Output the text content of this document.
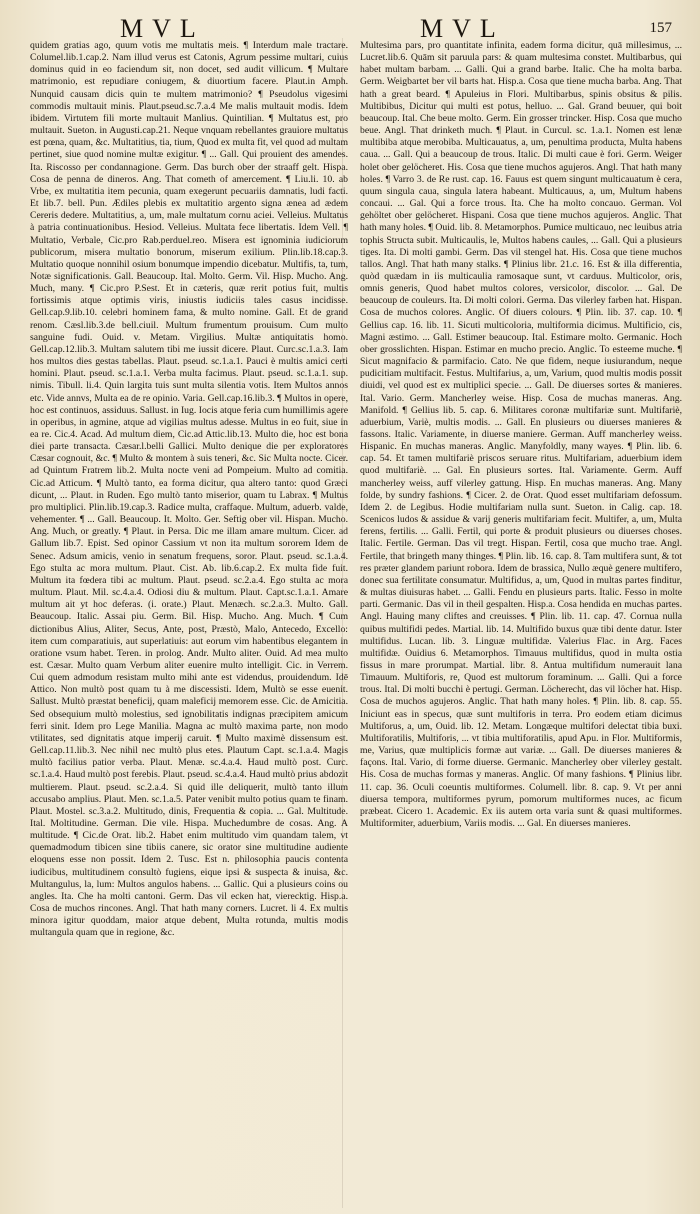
MVL	MVL	157

quidem gratias ago, quum votis me multatis meis. ¶ Interdum male tractare. Columel.lib.1.cap.2. Nam illud verus est Catonis, Agrum pessime multari, cuius dominus quid in eo faciendum sit, non docet, sed audit villicum. ¶ Multare matrimonio, est repudiare coniugem, & diuortium facere. Plaut.in Amph. Nunquid causam dicis quin te multem matrimonio? ¶ Pseudolus vigesimi commodis multauit minis. Plaut.pseud.sc.7.a.4 Me malis multauit modis. Idem ibidem. Virtutem fili morte multauit Manlius. Quintilian. ¶ Multatus est, pro multauit. Sueton. in Augusti.cap.21. Neque vnquam rebellantes grauiore multatus est pœna, quam, &c. Multatitius, tia, tium, Quod ex multa fit, vel quod ad multam pertinet, siue quod nomine multæ exigitur. ¶ ... Gall. Qui prouient des amendes. Ita. Riscosso per condannagione. Germ. Das burch ober der straaff gelt. Hispa. Cosa de penna de dineros. Ang. That cometh of amercement. ¶ Liu.li. 10. ab Vrbe, ex multatitia item pecunia, quam exegerunt pecuariis damnatis, ludi facti. Et lib.7. bell. Pun. Ædiles plebis ex multatitio argento signa ænea ad ædem Cereris dedere. Multatitius, a, um, male multatum cornu aciei. Velleius. Multatus à patria continuationibus. Hesiod. Velleius. Multata fece libertatis. Idem Vell. ¶ Multatio, Verbale, Cic.pro Rab.perduel.reo. Misera est ignominia iudiciorum publicorum, misera multatio bonorum, miserum exilium. Plin.lib.18.cap.3. Multatio quoque nonnihil osium bonumque impendio dicebatur. Multifis, ta, tum, Notæ significationis. Gall. Beaucoup. Ital. Molto. Germ. Vil. Hisp. Mucho. Ang. Much, many. ¶ Cic.pro P.Sest. Et in cæteris, quæ rerit potius fuit, multis fortissimis atque optimis viris, iniustis iudiciis tales casus incidisse. Gell.cap.9.lib.10. celebri hominem fama, & multo nomine. Gall. Et de grand renom. Cæsl.lib.3.de bell.ciuil. Multum frumentum prouisum. Cum multo sanguine fudi. Ouid. v. Metam. Virgilius. Multæ antiquitatis homo. Gell.cap.12.lib.3. Multam salutem tibi me iussit dicere. Plaut. Curc.sc.1.a.3. Iam hos multos dies gestas tabellas. Plaut. pseud. sc.1.a.1. Pauci è multis amici certi homini. Plaut. pseud. sc.1.a.1. Verba multa facimus. Plaut. pseud. sc.1.a.1. sup. nimis. Tibull. li.4. Quin largita tuis sunt multa silentia votis. Item Multos annos etc. Vide annvs, Multa ea de re opinio. Varia. Gell.cap.16.lib.3. ¶ Multos in opere, hoc est continuos, assiduus. Sallust. in Iug. Iocis atque feria cum humillimis agere in operibus, in agmine, atque ad vigilias multus adesse. Multus in eo fuit, siue in ea re. Cic.4. Acad. Ad multum diem, Cic.ad Attic.lib.13. Multo die, hoc est bona diei parte transacta. Cæsar.l.belli Gallici. Multo denique die per exploratores Cæsar cognouit, &c. ¶ Multo & montem à suis teneri, &c. Sic Multa nocte. Cicer. ad Quintum Fratrem lib.2. Multa nocte veni ad Pompeium. Multo ad comitia. Cic.ad Atticum. ¶ Multò tanto, ea forma dicitur, qua altero tanto: quod Græci dicunt, ... Plaut. in Ruden. Ego multò tanto miserior, quam tu Labrax. ¶ Multus pro multiplici. Plin.lib.19.cap.3. Radice multa, craffaque. Multum, aduerb. valde, vehementer. ¶ ... Gall. Beaucoup. It. Molto. Ger. Seftig ober vil. Hispan. Mucho. Ang. Much, or greatly. ¶ Plaut. in Persa. Dic me illam amare multum. Cicer. ad Gallum lib.7. Epist. Sed opinor Cassium vt non ita multum sororem Idem de Senec. Adsum amicis, venio in senatum frequens, soror. Plaut. pseud. sc.1.a.4. Ego stulta ac mora multum. Plaut. Cist. Ab. lib.6.cap.2. Ex multa fide fuit. Multum ita fœdera tibi ac multum. Plaut. pseud. sc.2.a.4. Ego stulta ac mora multum. Plaut. Mil. sc.4.a.4. Odiosi diu & multum. Plaut. Capt.sc.1.a.1. Amare multum ait yt hoc deferas. (i. orate.) Plaut. Menæch. sc.2.a.3. Multo. Gall. Beaucoup. Italic. Assai piu. Germ. Bil. Hisp. Mucho. Ang. Much. ¶ Cum dictionibus Alius, Aliter, Secus, Ante, post, Præstò, Malo, Antecedo, Excello: item cum comparatiuis, aut superlatiuis: aut eorum vim habentibus elegantem in oratione vsum habet. Teren. in prolog. Andr. Multo aliter. Ouid. Ad mea multo est. Cæsar. Multo quam Verbum aliter euenire multo intelligit. Cic. in Verrem. Cui quem admodum resistam multo mihi ante est videndus, prouidendum. Idē Attico. Non multò post quam tu à me discessisti. Idem, Multò se esse euenit. Sallust. Multò præstat beneficij, quam maleficij memorem esse. Cic. de Amicitia. Sed obsequium multò molestius, sed ignobilitatis indignas præcipitem amicum ferri sinit. Idem pro Lege Manilia. Magna ac multò maxima parte, non modo vtilitates, sed dignitatis atque imperij caruit. ¶ Multo maximè dissensum est. Gell.cap.11.lib.3. Nec nihil nec multò plus etes. Plautum Capt. sc.1.a.4. Magis multò facilius patior verba. Plaut. Menæ. sc.4.a.4. Haud multò post. Curc. sc.1.a.4. Haud multò post ferebis. Plaut. pseud. sc.4.a.4. Haud multò prius abdozit multierem. Plaut. pseud. sc.2.a.4. Si quid ille deliquerit, multò tanto illum accusabo amplius. Plaut. Men. sc.1.a.5. Pater venibit multo potius quam te finam. Plaut. Mostel. sc.3.a.2. Multitudo, dinis, Frequentia & copia. ... Gal. Multitude. Ital. Moltitudine. German. Die vile. Hispa. Muchedumbre de cosas. Ang. A multitude. ¶ Cic.de Orat. lib.2. Habet enim multitudo vim quandam talem, vt quemadmodum tibicen sine tibiis canere, sic orator sine multitudine audiente eloquens esse non possit. Idem 2. Tusc. Est n. philosophia paucis contenta iudicibus, multitudinem consultò fugiens, eique ipsi & suspecta & inuisa, &c. Multangulus, la, lum: Multos angulos habens. ... Gallic. Qui a plusieurs coins ou angles. Ita. Che ha molti cantoni. Germ. Das vil ecken hat, vierecktig. Hisp.a. Cosa de muchos rincones. Angl. That hath many corners. Lucret. li 4. Ex multis minora igitur quoddam, maior atque debent, Multa rotunda, multis modis multangula quam que in regione, &c.

Multesima pars, pro quantitate infinita, eadem forma dicitur, quā millesimus, ... Lucret.lib.6. Quām sit paruula pars: & quam multesima constet. Multibarbus, qui habet multam barbam. ... Galli. Qui a grand barbe. Italic. Che ha molta barba. Germ. Weigbartet ber vil barts hat. Hisp.a. Cosa que tiene mucha barba. Ang. That hath a great beard. ¶ Apuleius in Flori. Multibarbus, spinis obsitus & pilis. Multibibus, Dicitur qui multi est potus, helluo. ... Gal. Grand beuuer, qui boit beaucoup. Ital. Che beue molto. Germ. Ein grosser trincker. Hisp. Cosa que mucho beue. Angl. That drinketh much. ¶ Plaut. in Curcul. sc. 1.a.1. Nomen est lenæ multibiba atque merobiba. Multicauatus, a, um, penultima producta, Multa habens caua. ... Gall. Qui a beaucoup de trous. Italic. Di multi caue è fori. Germ. Weiger holet ober gelöcheret. His. Cosa que tiene muchos agujeros. Angl. That hath many holes. ¶ Varro 3. de Re rust. cap. 16. Fauus est quem singunt multicauatum è cera, quum singula caua, singula latera habeant. Multicauus, a, um, Multum habens concaui. ... Gal. Qui a force trous. Ita. Che ha molto concauo. German. Vol gehöltet ober gelöcheret. Hispani. Cosa que tiene muchos agujeros. Anglic. That hath many holes. ¶ Ouid. lib. 8. Metamorphos. Pumice multicauo, nec leuibus atria tophis Structa subit. Multicaulis, le, Multos habens caules, ... Gall. Qui a plusieurs tiges. Ita. Di molti gambi. Germ. Das vil stengel hat. His. Cosa que tiene muchos tallos. Angl. That hath many stalks. ¶ Plinius libr. 21.c. 16. Est & illa differentia, quòd quædam in iis multicaulia ramosaque sunt, vt carduus. Multicolor, oris, omnis generis, Quod habet multos colores, versicolor, discolor. ... Gal. De beaucoup de couleurs. Ita. Di molti colori. Germa. Das vilerley farben hat. Hispan. Cosa de muchos colores. Anglic. Of diuers colours. ¶ Plin. lib. 37. cap. 10. ¶ Gellius cap. 16. lib. 11. Sicuti multicoloria, multiformia dicimus. Multificio, cis, Magni æstimo. ... Gall. Estimer beaucoup. Ital. Estimare molto. Germanic. Hoch ober grosslichten. Hispan. Estimar en mucho precio. Anglic. To esteeme muche. ¶ Sicut magnifacio & parmifacio. Cato. Ne que fidem, neque iusiurandum, neque pudicitiam multifacit. Festus. Multifarius, a, um, Varium, quod multis modis possit diuidi, vel quod est ex multiplici specie. ... Gall. De diuerses sortes & manieres. Ital. Vario. Germ. Mancherley weise. Hisp. Cosa de muchas maneras. Ang. Manifold. ¶ Gellius lib. 5. cap. 6. Militares coronæ multifariæ sunt. Multifariè, aduerbium, Variè, multis modis. ... Gall. En plusieurs ou diuerses manieres & fassons. Italic. Variamente, in diuerse maniere. German. Auff mancherley weiss. Hispanic. En muchas maneras. Anglic. Manyfoldly, many wayes. ¶ Plin. lib. 6. cap. 54. Et tamen multifariè priscos seruare ritus. Multifariam, aduerbium idem quod multifariè. ... Gal. En plusieurs sortes. Ital. Variamente. Germ. Auff mancherley weiss, auff vilerley gattung. Hisp. En muchas maneras. Ang. Many folde, by sundry fashions. ¶ Cicer. 2. de Orat. Quod esset multifariam defossum. Idem 2. de Legibus. Hodie multifariam nulla sunt. Sueton. in Calig. cap. 18. Scenicos ludos & assidue & varij generis multifariam fecit. Multifer, a, um, Multa ferens, fertilis. ... Galli. Fertil, qui porte & produit plusieurs ou diuerses choses. Italic. Fertile. German. Das vil tregt. Hispan. Fertil, cosa que mucho trae. Angl. Fertile, that bringeth many thinges. ¶ Plin. lib. 16. cap. 8. Tam multifera sunt, & tot res præter glandem pariunt robora. Idem de brassica, Nullo æquè genere multifero, donec sua fertilitate consumatur. Multifidus, a, um, Quod in multas partes finditur, & multas diuisuras habet. ... Galli. Fendu en plusieurs parts. Italic. Fesso in molte parti. Germanic. Das vil in theil gespalten. Hisp.a. Cosa hendida en muchas partes. Angl. Hauing many cliftes and creuisses. ¶ Plin. lib. 11. cap. 47. Cornua nulla quibus multifidi pedes. Martial. lib. 14. Multifido buxus quæ tibi dente datur. Ister multifidus. Lucan. lib. 3. Linguæ multifidæ. Valerius Flac. in Arg. Faces multifidæ. Ouidius 6. Metamorphos. Timauus multifidus, quod in multa ostia fissus in mare prorumpat. Martial. libr. 8. Antua multifidum numerauit lana Timauum. Multiforis, re, Quod est multorum foraminum. ... Galli. Qui a force trous. Ital. Di molti bucchi è pertugi. German. Löcherecht, das vil löcher hat. Hisp. Cosa de muchos agujeros. Anglic. That hath many holes. ¶ Plin. lib. 8. cap. 55. Iniciunt eas in specus, quæ sunt multiforis in terra. Pro eodem etiam dicimus Multiforus, a, um, Ouid. lib. 12. Metam. Longæque multifori delectat tibia buxi. Multiforatilis, Multiforis, ... vt tibia multiforatilis, apud Apu. in Flor. Multiformis, me, Varius, quæ multiplicis formæ aut variæ. ... Gall. De diuerses manieres & façons. Ital. Vario, di forme diuerse. Germanic. Mancherley ober vilerley gestalt. His. Cosa de muchas formas y maneras. Anglic. Of many fashions. ¶ Plinius libr. 11. cap. 36. Oculi coeuntis multiformes. Columell. libr. 8. cap. 9. Vt per anni diuersa tempora, multiformes pyrum, pomorum multiformes nuces, ac ficum præbeat. Cicero 1. Academic. Ex iis autem orta varia sunt & quasi multiformes. Multiformiter, aduerbium, Variis modis. ... Gal. En diuerses manieres.
